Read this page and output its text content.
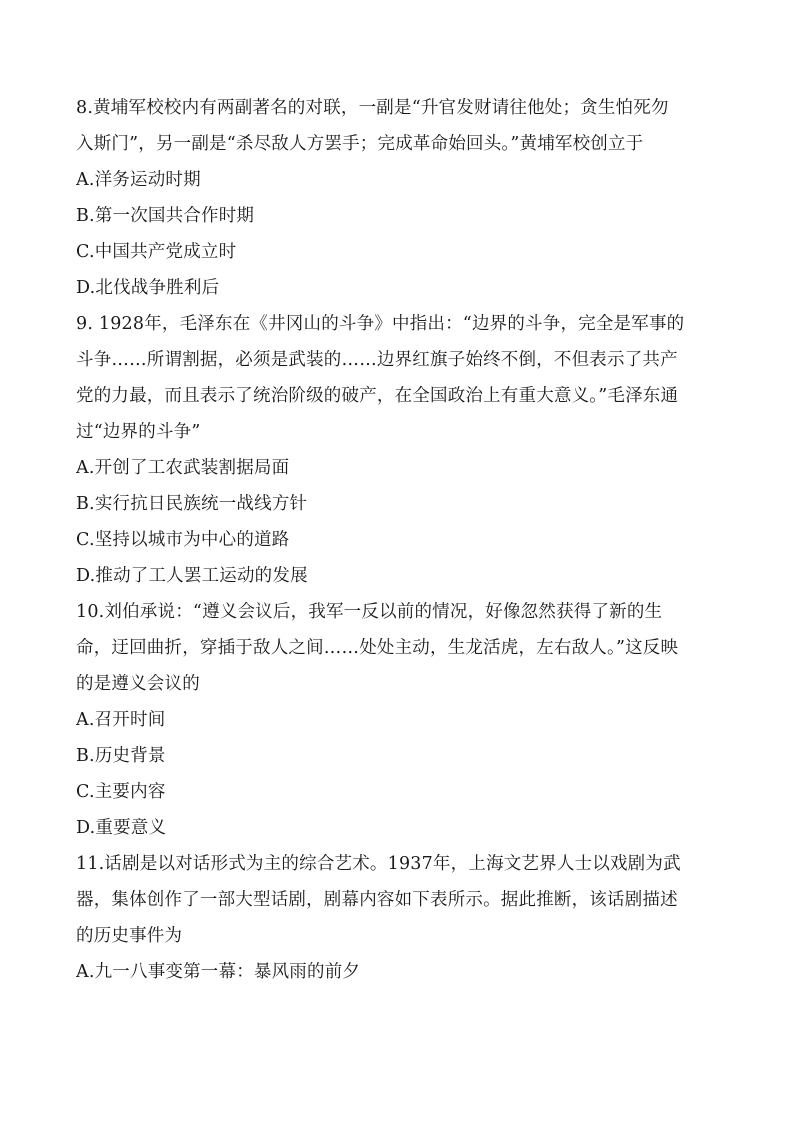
8.黄埔军校校内有两副著名的对联，一副是“升官发财请往他处；贪生怕死勿
入斯门”，另一副是“杀尽敌人方罢手；完成革命始回头。”黄埔军校创立于
A.洋务运动时期
B.第一次国共合作时期
C.中国共产党成立时
D.北伐战争胜利后
9. 1928年，毛泽东在《井冈山的斗争》中指出：“边界的斗争，完全是军事的
斗争……所谓割据，必须是武装的……边界红旗子始终不倒，不但表示了共产
党的力最，而且表示了统治阶级的破产，在全国政治上有重大意义。”毛泽东通
过“边界的斗争”
A.开创了工农武装割据局面
B.实行抗日民族统一战线方针
C.坚持以城市为中心的道路
D.推动了工人罢工运动的发展
10.刘伯承说：“遵义会议后，我军一反以前的情况，好像忽然获得了新的生
命，迂回曲折，穿插于敌人之间……处处主动，生龙活虎，左右敌人。”这反映
的是遵义会议的
A.召开时间
B.历史背景
C.主要内容
D.重要意义
11.话剧是以对话形式为主的综合艺术。1937年，上海文艺界人士以戏剧为武
器，集体创作了一部大型话剧，剧幕内容如下表所示。据此推断，该话剧描述
的历史事件为
A.九一八事变第一幕：暴风雨的前夕
